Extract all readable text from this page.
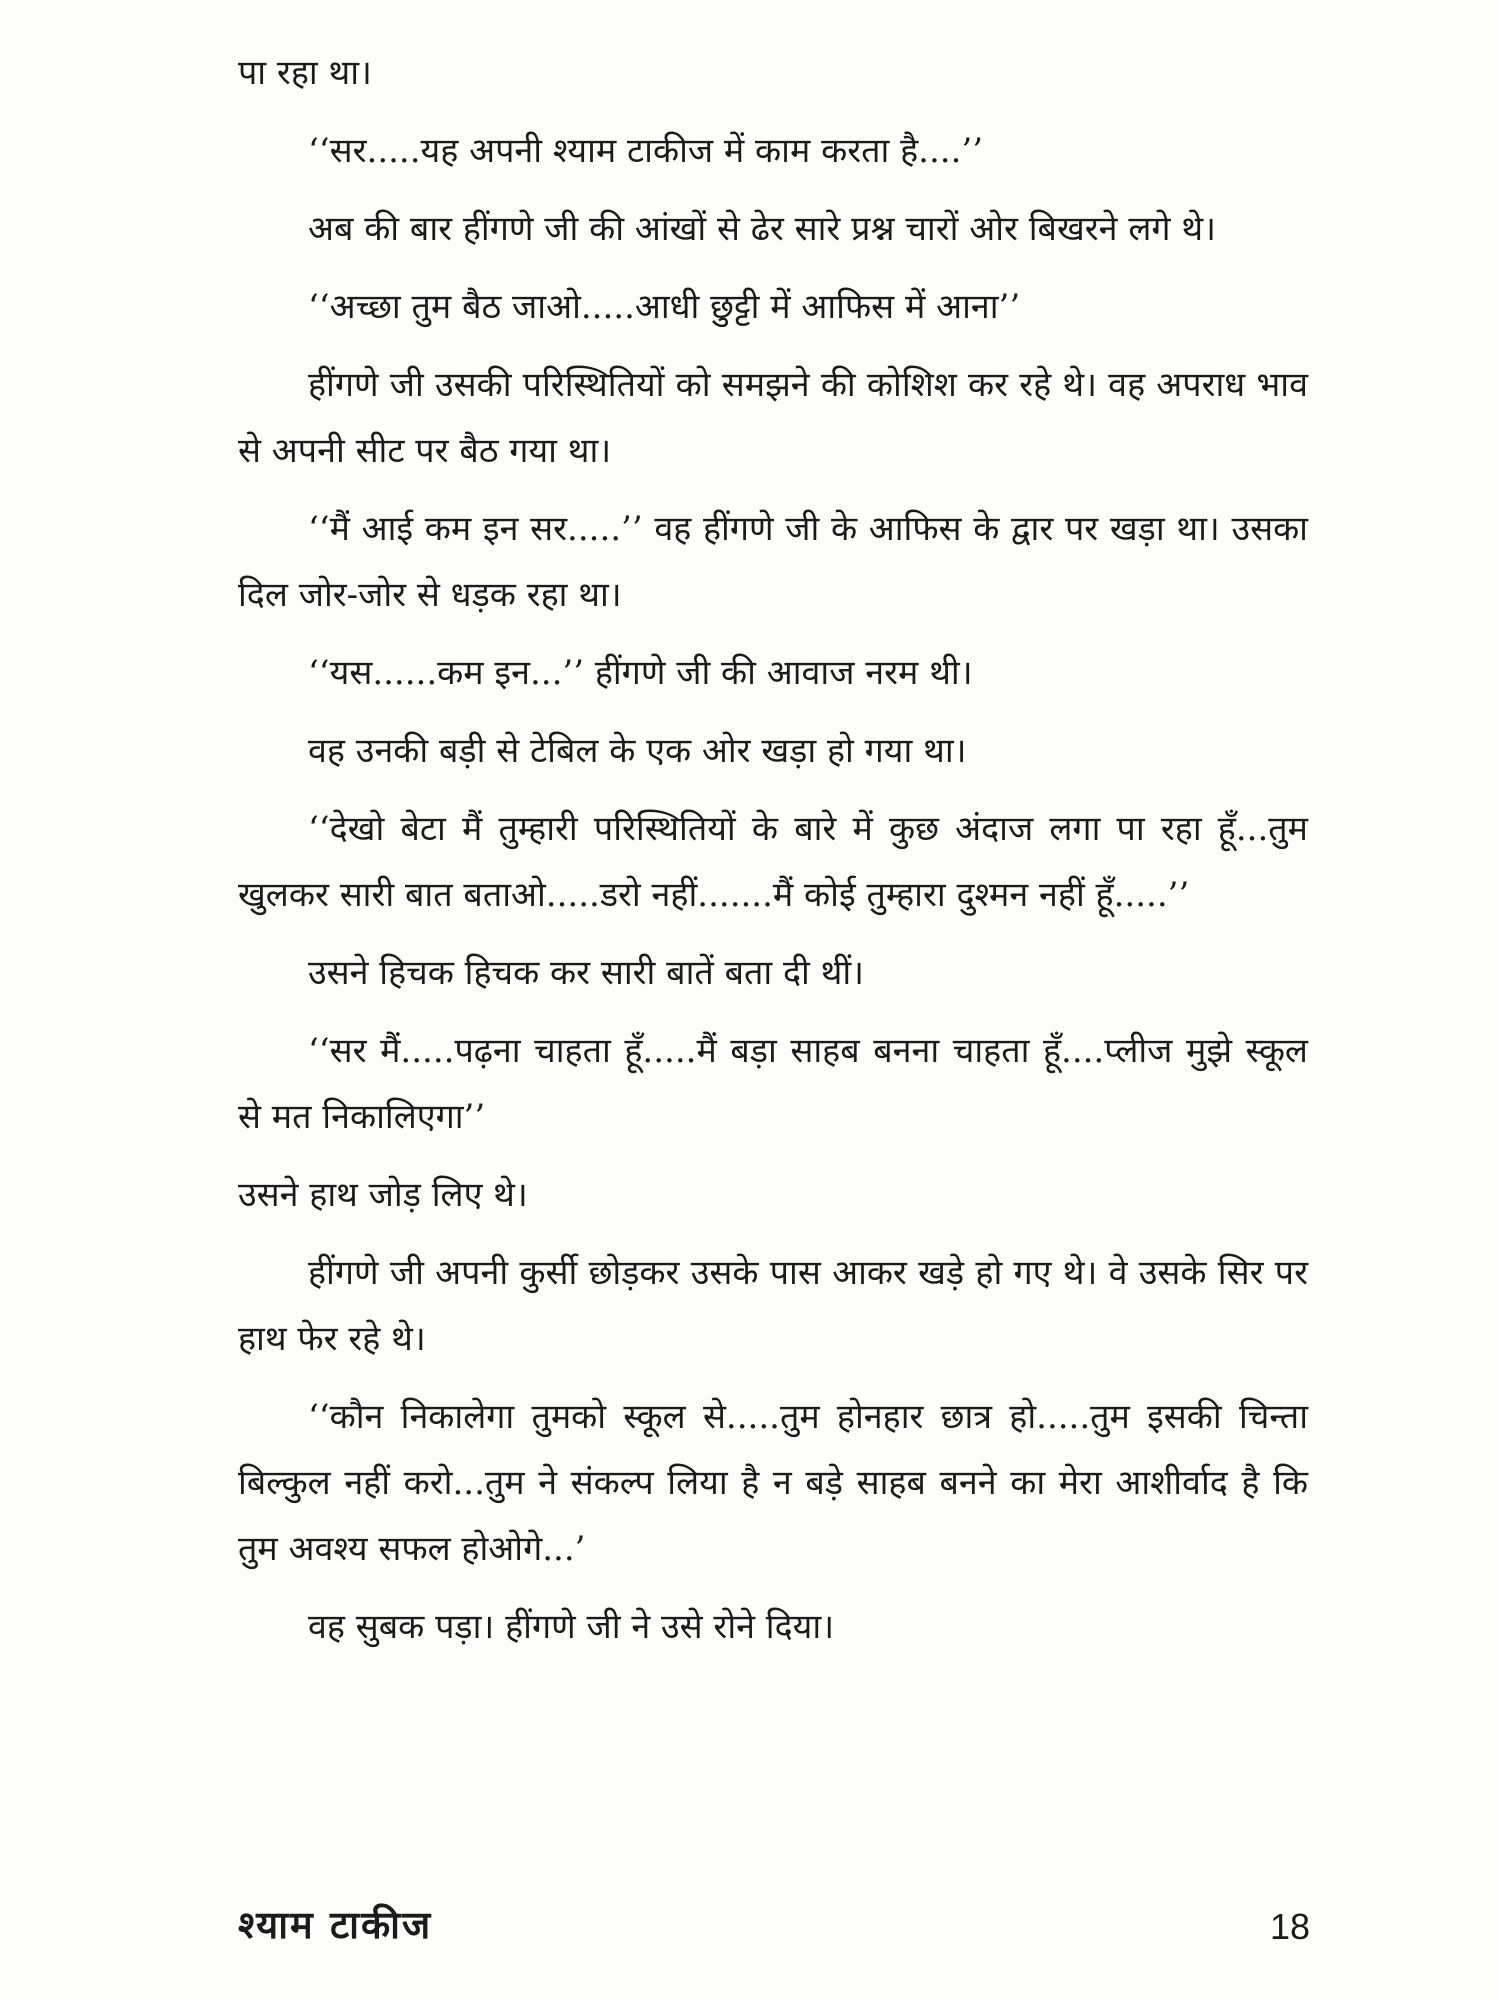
पा रहा था।

‘‘सर.....यह अपनी श्याम टाकीज में काम करता है....’’

अब की बार हींगणे जी की आंखों से ढेर सारे प्रश्न चारों ओर बिखरने लगे थे।

‘‘अच्छा तुम बैठ जाओ.....आधी छुट्टी में आफिस में आना’’

हींगणे जी उसकी परिस्थितियों को समझने की कोशिश कर रहे थे। वह अपराध भाव से अपनी सीट पर बैठ गया था।

‘‘मैं आई कम इन सर.....’’ वह हींगणे जी के आफिस के द्वार पर खड़ा था। उसका दिल जोर-जोर से धड़क रहा था।

‘‘यस......कम इन...’’ हींगणे जी की आवाज नरम थी।

वह उनकी बड़ी से टेबिल के एक ओर खड़ा हो गया था।

‘‘देखो बेटा मैं तुम्हारी परिस्थितियों के बारे में कुछ अंदाज लगा पा रहा हूँ...तुम खुलकर सारी बात बताओ.....डरो नहीं.......मैं कोई तुम्हारा दुश्मन नहीं हूँ.....’’

उसने हिचक हिचक कर सारी बातें बता दी थीं।

‘‘सर मैं.....पढ़ना चाहता हूँ.....मैं बड़ा साहब बनना चाहता हूँ....प्लीज मुझे स्कूल से मत निकालिएगा’’

उसने हाथ जोड़ लिए थे।

हींगणे जी अपनी कुर्सी छोड़कर उसके पास आकर खड़े हो गए थे। वे उसके सिर पर हाथ फेर रहे थे।

‘‘कौन निकालेगा तुमको स्कूल से.....तुम होनहार छात्र हो.....तुम इसकी चिन्ता बिल्कुल नहीं करो...तुम ने संकल्प लिया है न बड़े साहब बनने का मेरा आशीर्वाद है कि तुम अवश्य सफल होओगे...’

वह सुबक पड़ा। हींगणे जी ने उसे रोने दिया।

श्याम टाकीज	18
